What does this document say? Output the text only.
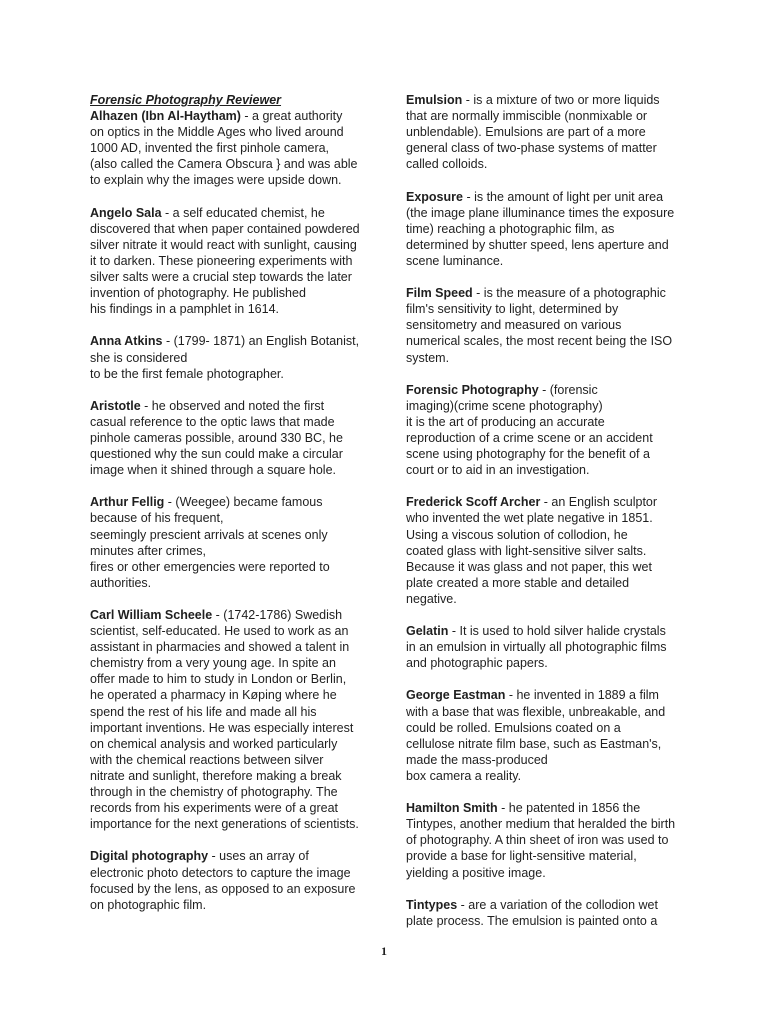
Forensic Photography Reviewer
Alhazen (Ibn Al-Haytham) - a great authority
on optics in the Middle Ages who lived around
1000 AD, invented the first pinhole camera,
(also called the Camera Obscura } and was able
to explain why the images were upside down.
Angelo Sala - a self educated chemist, he
discovered that when paper contained powdered
silver nitrate it would react with sunlight, causing
it to darken. These pioneering experiments with
silver salts were a crucial step towards the later
invention of photography. He published
his findings in a pamphlet in 1614.
Anna Atkins - (1799- 1871) an English Botanist,
she is considered
to be the first female photographer.
Aristotle - he observed and noted the first
casual reference to the optic laws that made
pinhole cameras possible, around 330 BC, he
questioned why the sun could make a circular
image when it shined through a square hole.
Arthur Fellig - (Weegee) became famous
because of his frequent,
seemingly prescient arrivals at scenes only
minutes after crimes,
fires or other emergencies were reported to
authorities.
Carl William Scheele - (1742-1786) Swedish
scientist, self-educated. He used to work as an
assistant in pharmacies and showed a talent in
chemistry from a very young age. In spite an
offer made to him to study in London or Berlin,
he operated a pharmacy in Køping where he
spend the rest of his life and made all his
important inventions. He was especially interest
on chemical analysis and worked particularly
with the chemical reactions between silver
nitrate and sunlight, therefore making a break
through in the chemistry of photography. The
records from his experiments were of a great
importance for the next generations of scientists.
Digital photography - uses an array of
electronic photo detectors to capture the image
focused by the lens, as opposed to an exposure
on photographic film.
Emulsion - is a mixture of two or more liquids
that are normally immiscible (nonmixable or
unblendable). Emulsions are part of a more
general class of two-phase systems of matter
called colloids.
Exposure - is the amount of light per unit area
(the image plane illuminance times the exposure
time) reaching a photographic film, as
determined by shutter speed, lens aperture and
scene luminance.
Film Speed - is the measure of a photographic
film's sensitivity to light, determined by
sensitometry and measured on various
numerical scales, the most recent being the ISO
system.
Forensic Photography - (forensic
imaging)(crime scene photography)
it is the art of producing an accurate
reproduction of a crime scene or an accident
scene using photography for the benefit of a
court or to aid in an investigation.
Frederick Scoff Archer - an English sculptor
who invented the wet plate negative in 1851.
Using a viscous solution of collodion, he
coated glass with light-sensitive silver salts.
Because it was glass and not paper, this wet
plate created a more stable and detailed
negative.
Gelatin - It is used to hold silver halide crystals
in an emulsion in virtually all photographic films
and photographic papers.
George Eastman - he invented in 1889 a film
with a base that was flexible, unbreakable, and
could be rolled. Emulsions coated on a
cellulose nitrate film base, such as Eastman's,
made the mass-produced
box camera a reality.
Hamilton Smith - he patented in 1856 the
Tintypes, another medium that heralded the birth
of photography. A thin sheet of iron was used to
provide a base for light-sensitive material,
yielding a positive image.
Tintypes - are a variation of the collodion wet
plate process. The emulsion is painted onto a
1
